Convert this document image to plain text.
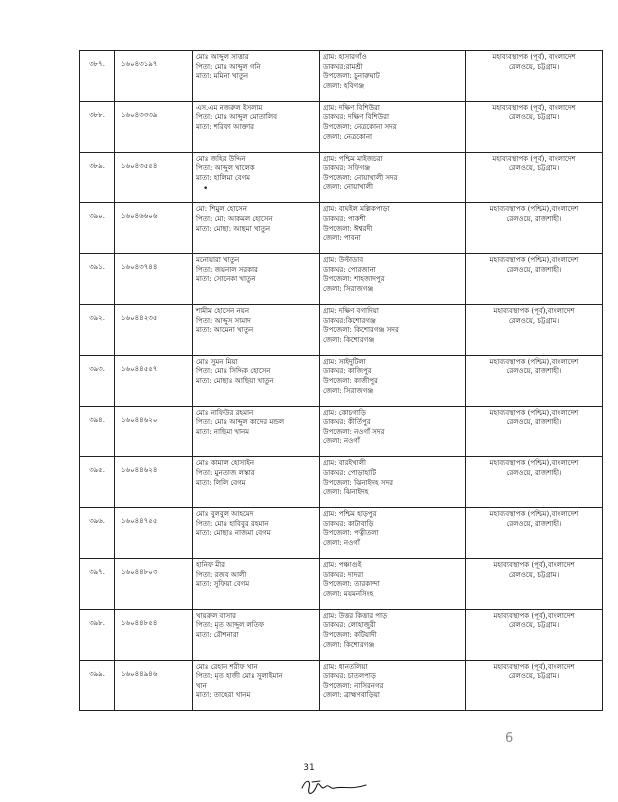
৩৮৭.	১৬০৪৩১৯৭	মোঃ আব্দুল সাত্তার
পিতা: মোঃ আব্দুল গনি
মাতা: মমিনা খাতুন	গ্রাম: হাসারগাঁও
ডাকঘর:রামশ্রী
উপজেলা: চুনারুঘাট
জেলা: হবিগঞ্জ	মহাব্যবস্থাপক (পূর্ব), বাংলাদেশ
রেলওয়ে, চট্টগ্রাম।

৩৮৮.	১৬০৪৩৩৩৯	এস.এম নজরুল ইসলাম
পিতা: মোঃ আব্দুল মোতালিব
মাতা: শরিফা আক্তার	গ্রাম: দক্ষিণ বিশিউরা
ডাকঘর: দক্ষিণ বিশিউরা
উপজেলা: নেত্রকোনা সদর
জেলা: নেত্রকোনা	মহাব্যবস্থাপক (পূর্ব), বাংলাদেশ
রেলওয়ে, চট্টগ্রাম।

৩৮৯.	১৬০৪৩৫৫৪	মোঃ জহির উদ্দিন
পিতা: আব্দুল খালেক
মাতা: হালিমা বেগম	গ্রাম: পশ্চিম মাইজচরা
ডাকঘর: সফিগঞ্জ
উপজেলা: নোয়াখালী সদর
জেলা: নোয়াখালী	মহাব্যবস্থাপক (পূর্ব), বাংলাদেশ
রেলওয়ে, চট্টগ্রাম।

৩৯০.	১৬০৪৬৬০৬	মো: শিমুল হোসেন
পিতা: মো: আকমল হোসেন
মাতা: মোছা: আছমা খাতুন	গ্রাম: বাঘইল মল্লিকপাড়া
ডাকঘর: পাকশী
উপজেলা: ঈশ্বরদী
জেলা: পাবনা	মহাব্যবস্থাপক (পশ্চিম),বাংলাদেশ
রেলওয়ে, রাজশাহী।

৩৯১.	১৬০৪৩৭৪৪	মনোয়ারা খাতুন
পিতা: জয়নাল সরকার
মাতা: সোনেকা খাতুন	গ্রাম: উল্টাডাব
ডাকঘর: পোরজানা
উপজেলা: শাহজাদপুর
জেলা: সিরাজগঞ্জ	মহাব্যবস্থাপক (পশ্চিম),বাংলাদেশ
রেলওয়ে, রাজশাহী।

৩৯২.	১৬০৪৪২৩৫	শামীম হোসেন নয়ন
পিতা: আব্দুস সামাদ
মাতা: আমেনা খাতুন	গ্রাম: দক্ষিণ বগাদিয়া
ডাকঘর:কিশোরগঞ্জ
উপজেলা: কিশোরগঞ্জ সদর
জেলা: কিশোরগঞ্জ	মহাব্যবস্থাপক (পূর্ব),বাংলাদেশ
রেলওয়ে, চট্টগ্রাম।

৩৯৩.	১৬০৪৪৫৫৭	মোঃ সুমন মিয়া
পিতা: মোঃ সিদ্দিক হোসেন
মাতা: মোছাঃ আছিয়া খাতুন	গ্রাম: সাইদুটিলা
ডাকঘর: কাজিপুর
উপজেলা: কাজীপুর
জেলা: সিরাজগঞ্জ	মহাব্যবস্থাপক (পশ্চিম),বাংলাদেশ
রেলওয়ে, রাজশাহী।

৩৯৪.	১৬০৪৪৬২০	মোঃ নাফিউর রহমান
পিতা: মোঃ আব্দুল কাদের মন্ডল
মাতা: নাছিমা খানম	গ্রাম: কোচগাড়ি
ডাকঘর: কীর্তিপুর
উপজেলা: নওগাঁ সদর
জেলা: নওগাঁ	মহাব্যবস্থাপক (পশ্চিম),বাংলাদেশ
রেলওয়ে, রাজশাহী।

৩৯৫.	১৬০৪৪৬২৪	মোঃ কামাল হোসাইন
পিতা: মুনতাজ লস্কার
মাতা: লিলি বেগম	গ্রাম: বারইখালী
ডাকঘর: পোড়াহাটি
উপজেলা: ঝিনাইদহ সদর
জেলা: ঝিনাইদহ	মহাব্যবস্থাপক (পশ্চিম),বাংলাদেশ
রেলওয়ে, রাজশাহী।

৩৯৬.	১৬০৪৪৭৫৫	মোঃ বুলবুল আহমেদ
পিতা: মোঃ হাবিবুর রহমান
মাতা: মোছাঃ নাজমা বেগম	গ্রাম: পশ্চিম হাড়পুর
ডাকঘর: কাটাবাড়ি
উপজেলা: পত্নীতলা
জেলা: নওগাঁ	মহাব্যবস্থাপক (পশ্চিম),বাংলাদেশ
রেলওয়ে, রাজশাহী।

৩৯৭.	১৬০৪৪৮০৩	হানিফ মীর
পিতা: রজব আলী
মাতা: সুফিয়া বেগম	গ্রাম: পঞ্চাগুই
ডাকঘর: দাদরা
উপজেলা: তারকান্দা
জেলা: ময়মনসিংহ	মহাব্যবস্থাপক (পূর্ব),বাংলাদেশ
রেলওয়ে, চট্টগ্রাম।

৩৯৮.	১৬০৪৪৮৫৪	খায়রুল বাসার
পিতা: মৃত আব্দুল লতিফ
মাতা: রৌশনারা	গ্রাম: উত্তর কিত্তার পাড়
ডাকঘর: লোহাজুরী
উপজেলা: কটিয়াদী
জেলা: কিশোরগঞ্জ	মহাব্যবস্থাপক (পূর্ব),বাংলাদেশ
রেলওয়ে, চট্টগ্রাম।

৩৯৯.	১৬০৪৪৯৪৬	মোঃ রেহান শরীফ খান
পিতা: মৃত হাজী মোঃ সুলাইমান
খান
মাতা: তাহেরা খানম	গ্রাম: ধানতলিয়া
ডাকঘর: চাতলপাড়
উপজেলা: নাসিরনগর
জেলা: ব্রাহ্মণবাড়িয়া	মহাব্যবস্থাপক (পূর্ব),বাংলাদেশ
রেলওয়ে, চট্টগ্রাম।
•
31
6
